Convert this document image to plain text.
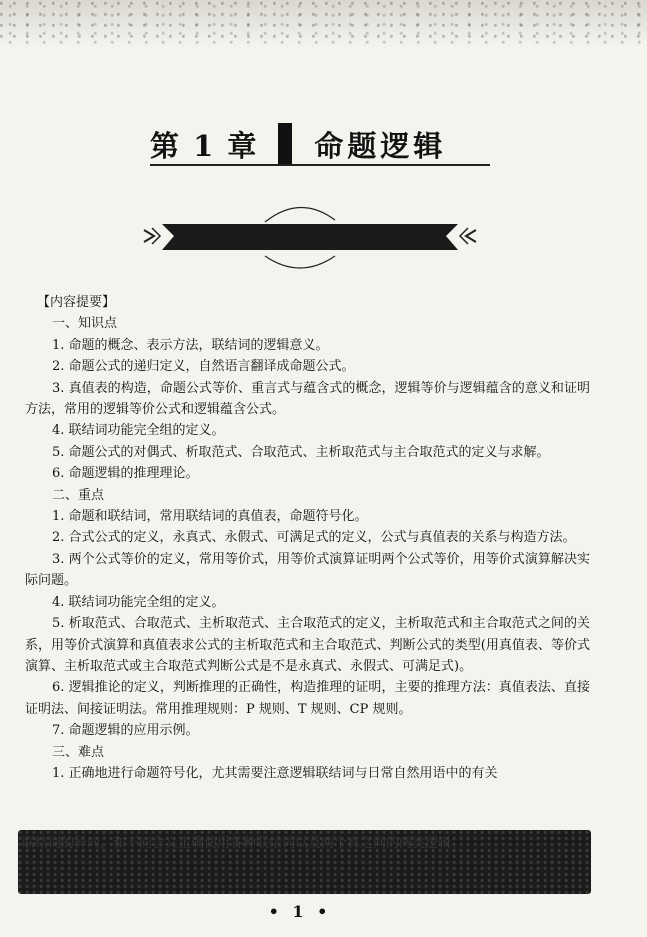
第 1 章 命题逻辑

【内容提要】

一、知识点

1. 命题的概念、表示方法，联结词的逻辑意义。

2. 命题公式的递归定义，自然语言翻译成命题公式。

3. 真值表的构造，命题公式等价、重言式与蕴含式的概念，逻辑等价与逻辑蕴含的意义和证明方法，常用的逻辑等价公式和逻辑蕴含公式。

4. 联结词功能完全组的定义。

5. 命题公式的对偶式、析取范式、合取范式、主析取范式与主合取范式的定义与求解。

6. 命题逻辑的推理理论。

二、重点

1. 命题和联结词，常用联结词的真值表，命题符号化。

2. 合式公式的定义，永真式、永假式、可满足式的定义，公式与真值表的关系与构造方法。

3. 两个公式等价的定义，常用等价式，用等价式演算证明两个公式等价，用等价式演算解决实际问题。

4. 联结词功能完全组的定义。

5. 析取范式、合取范式、主析取范式、主合取范式的定义，主析取范式和主合取范式之间的关系，用等价式演算和真值表求公式的主析取范式和主合取范式、判断公式的类型(用真值表、等价式演算、主析取范式或主合取范式判断公式是不是永真式、永假式、可满足式)。

6. 逻辑推论的定义，判断推理的正确性，构造推理的证明，主要的推理方法：真值表法、直接证明法、间接证明法。常用推理规则：P 规则、T 规则、CP 规则。

7. 命题逻辑的应用示例。

三、难点

1. 正确地进行命题符号化，尤其需要注意逻辑联结词与日常自然用语中的有关

联结词的异同，和不同含义正确使用各种联结词以及两个真之间的两类逻辑
• 1 •
